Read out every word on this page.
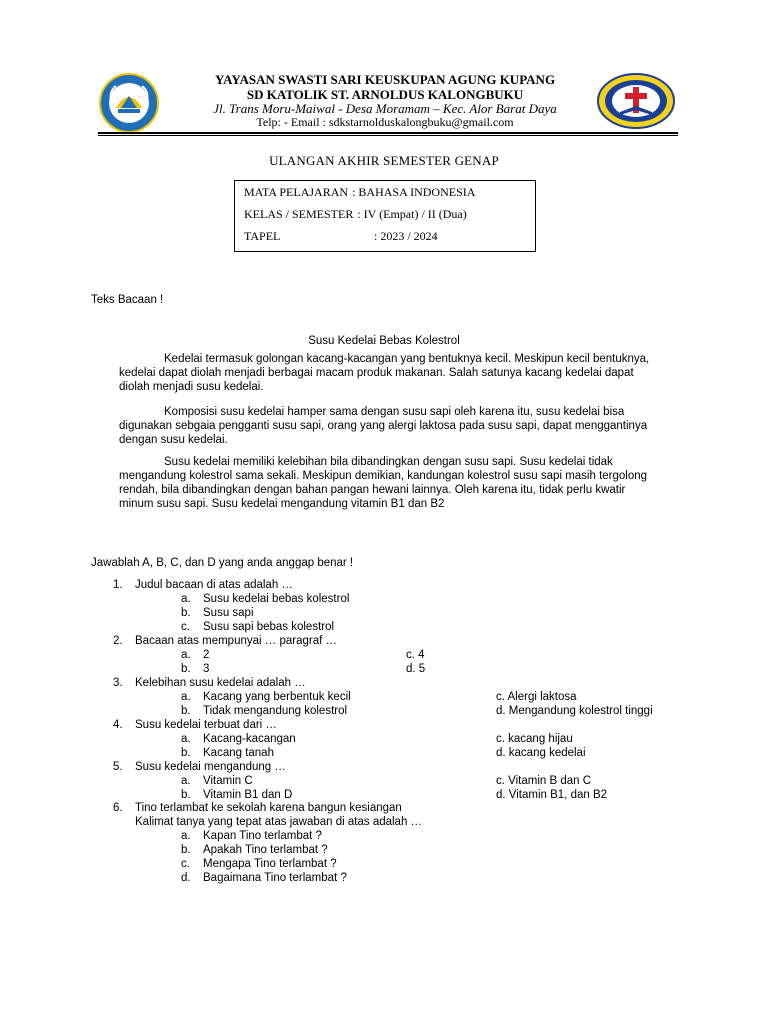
YAYASAN SWASTI SARI KEUSKUPAN AGUNG KUPANG
SD KATOLIK ST. ARNOLDUS KALONGBUKU
Jl. Trans Moru-Maiwal - Desa Moramam – Kec. Alor Barat Daya
Telp: - Email : sdkstarnolduskalongbuku@gmail.com
ULANGAN AKHIR SEMESTER GENAP
MATA PELAJARAN : BAHASA INDONESIA
KELAS / SEMESTER : IV (Empat) / II (Dua)
TAPEL	: 2023 / 2024
Teks Bacaan !
Susu Kedelai Bebas Kolestrol

Kedelai termasuk golongan kacang-kacangan yang bentuknya kecil. Meskipun kecil bentuknya, kedelai dapat diolah menjadi berbagai macam produk makanan. Salah satunya kacang kedelai dapat diolah menjadi susu kedelai.

Komposisi susu kedelai hamper sama dengan susu sapi oleh karena itu, susu kedelai bisa digunakan sebgaia pengganti susu sapi, orang yang alergi laktosa pada susu sapi, dapat menggantinya dengan susu kedelai.

Susu kedelai memiliki kelebihan bila dibandingkan dengan susu sapi. Susu kedelai tidak mengandung kolestrol sama sekali. Meskipun demikian, kandungan kolestrol susu sapi masih tergolong rendah, bila dibandingkan dengan bahan pangan hewani lainnya. Oleh karena itu, tidak perlu kwatir minum susu sapi. Susu kedelai mengandung vitamin B1 dan B2

Jawablah A, B, C, dan D yang anda anggap benar !
1. Judul bacaan di atas adalah …
a. Susu kedelai bebas kolestrol
b. Susu sapi
c. Susu sapi bebas kolestrol
2. Bacaan atas mempunyai … paragraf …
a. 2	c. 4
b. 3	d. 5
3. Kelebihan susu kedelai adalah …
a. Kacang yang berbentuk kecil	c. Alergi laktosa
b. Tidak mengandung kolestrol	d. Mengandung kolestrol tinggi
4. Susu kedelai terbuat dari …
a. Kacang-kacangan	c. kacang hijau
b. Kacang tanah	d. kacang kedelai
5. Susu kedelai mengandung …
a. Vitamin C	c. Vitamin B dan C
b. Vitamin B1 dan D	d. Vitamin B1, dan B2
6. Tino terlambat ke sekolah karena bangun kesiangan
Kalimat tanya yang tepat atas jawaban di atas adalah …
a. Kapan Tino terlambat ?
b. Apakah Tino terlambat ?
c. Mengapa Tino terlambat ?
d. Bagaimana Tino terlambat ?
